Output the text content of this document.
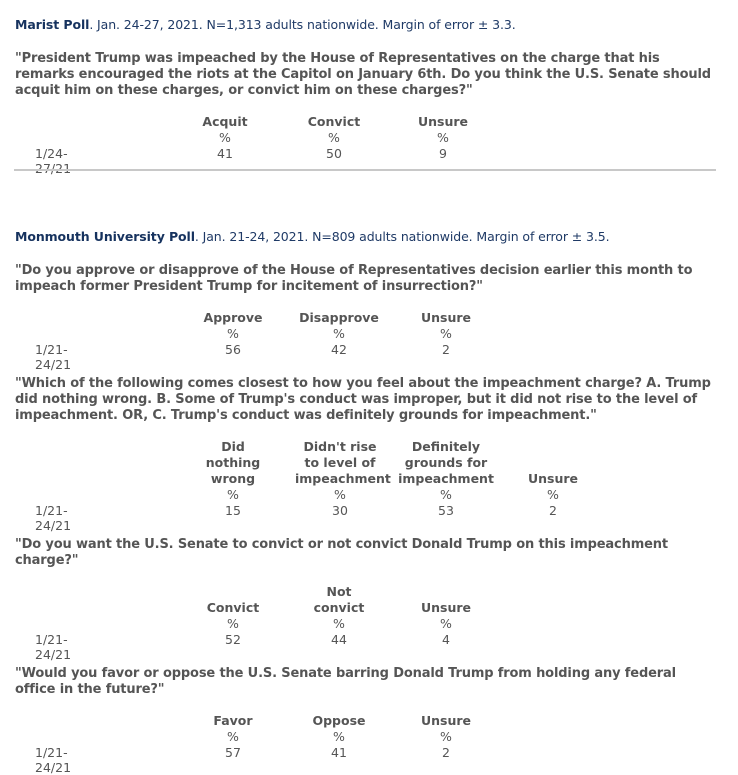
Marist Poll. Jan. 24-27, 2021. N=1,313 adults nationwide. Margin of error ± 3.3.
"President Trump was impeached by the House of Representatives on the charge that his remarks encouraged the riots at the Capitol on January 6th. Do you think the U.S. Senate should acquit him on these charges, or convict him on these charges?"
Acquit
%
41
Convict
%
50
Unsure
%
9
1/24-27/21
Monmouth University Poll. Jan. 21-24, 2021. N=809 adults nationwide. Margin of error ± 3.5.
"Do you approve or disapprove of the House of Representatives decision earlier this month to impeach former President Trump for incitement of insurrection?"
Approve
%
56
Disapprove
%
42
Unsure
%
2
1/21-24/21
"Which of the following comes closest to how you feel about the impeachment charge? A. Trump did nothing wrong. B. Some of Trump's conduct was improper, but it did not rise to the level of impeachment. OR, C. Trump's conduct was definitely grounds for impeachment."
Did nothing wrong
%
15
Didn't rise to level of impeachment
%
30
Definitely grounds for impeachment
%
53
Unsure
%
2
1/21-24/21
"Do you want the U.S. Senate to convict or not convict Donald Trump on this impeachment charge?"
Convict
%
52
Not convict
%
44
Unsure
%
4
1/21-24/21
"Would you favor or oppose the U.S. Senate barring Donald Trump from holding any federal office in the future?"
Favor
%
57
Oppose
%
41
Unsure
%
2
1/21-24/21
